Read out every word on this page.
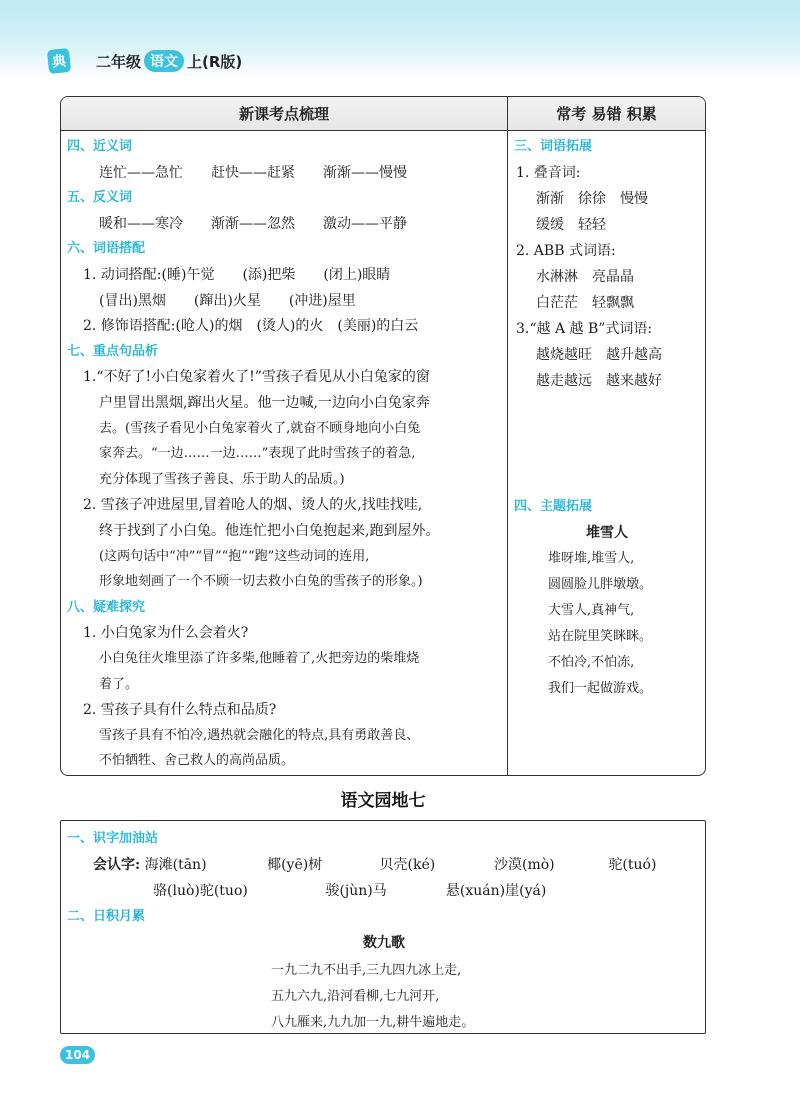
典 二年级 语文 上(R版)
新课考点梳理
四、近义词
连忙——急忙　　赶快——赶紧　　渐渐——慢慢
五、反义词
暖和——寒冷　　渐渐——忽然　　激动——平静
六、词语搭配
1. 动词搭配:(睡)午觉　　(添)把柴　　(闭上)眼睛
(冒出)黑烟　　(蹿出)火星　　(冲进)屋里
2. 修饰语搭配:(呛人)的烟　(烫人)的火　(美丽)的白云
七、重点句品析
1.“不好了!小白兔家着火了!”雪孩子看见从小白兔家的窗
户里冒出黑烟,蹿出火星。他一边喊,一边向小白兔家奔
去。(雪孩子看见小白兔家着火了,就奋不顾身地向小白兔
家奔去。“一边……一边……”表现了此时雪孩子的着急,
充分体现了雪孩子善良、乐于助人的品质。)
2. 雪孩子冲进屋里,冒着呛人的烟、烫人的火,找哇找哇,
终于找到了小白兔。他连忙把小白兔抱起来,跑到屋外。
(这两句话中“冲”“冒”“抱”“跑”这些动词的连用,
形象地刻画了一个不顾一切去救小白兔的雪孩子的形象。)
八、疑难探究
1. 小白兔家为什么会着火?
小白兔往火堆里添了许多柴,他睡着了,火把旁边的柴堆烧
着了。
2. 雪孩子具有什么特点和品质?
雪孩子具有不怕冷,遇热就会融化的特点,具有勇敢善良、
不怕牺牲、舍己救人的高尚品质。
常考 易错 积累
三、词语拓展
1. 叠音词:
渐渐　徐徐　慢慢
缓缓　轻轻
2. ABB 式词语:
水淋淋　亮晶晶
白茫茫　轻飘飘
3.“越 A 越 B”式词语:
越烧越旺　越升越高
越走越远　越来越好
四、主题拓展
堆雪人
堆呀堆,堆雪人,
圆圆脸儿胖墩墩。
大雪人,真神气,
站在院里笑眯眯。
不怕冷,不怕冻,
我们一起做游戏。
语文园地七
一、识字加油站
会认字: 海滩(tān)	椰(yē)树	贝壳(ké)	沙漠(mò)	驼(tuó)
骆(luò)驼(tuo)	骏(jùn)马	悬(xuán)崖(yá)
二、日积月累
数九歌
一九二九不出手,三九四九冰上走,
五九六九,沿河看柳,七九河开,
八九雁来,九九加一九,耕牛遍地走。
104
